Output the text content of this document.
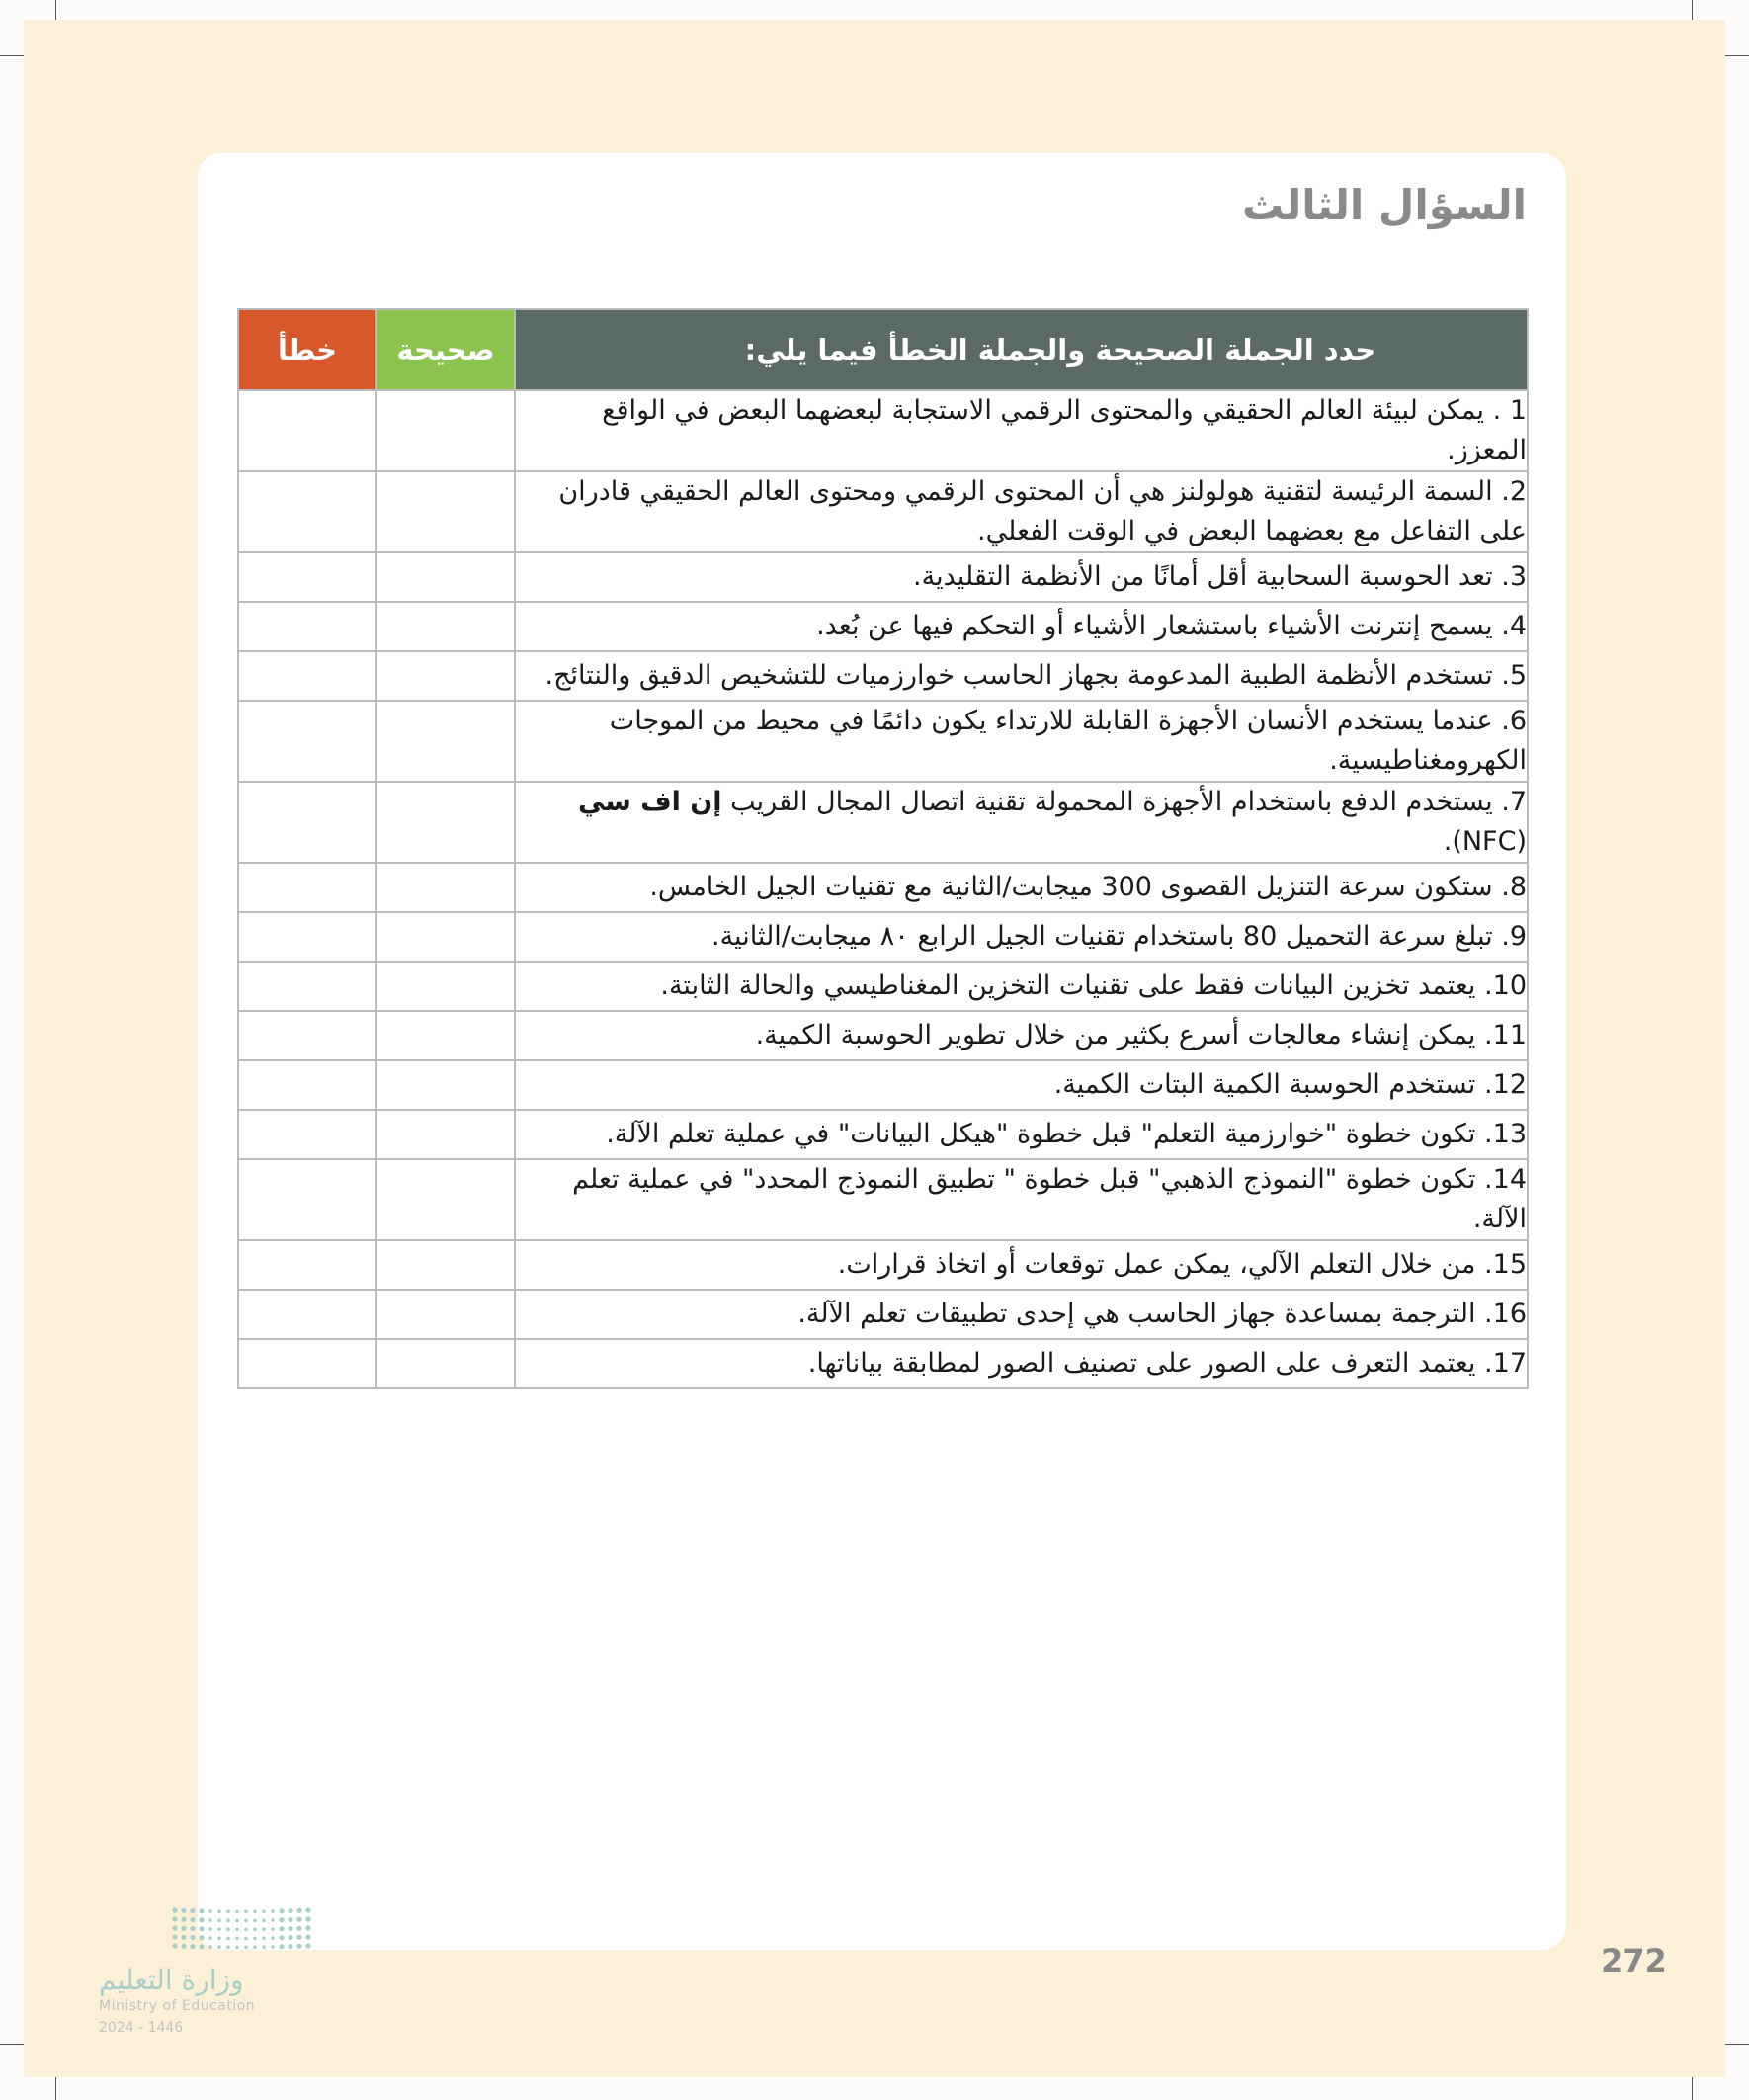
السؤال الثالث
حدد الجملة الصحيحة والجملة الخطأ فيما يلي:	صحيحة	خطأ
1 . يمكن لبيئة العالم الحقيقي والمحتوى الرقمي الاستجابة لبعضهما البعض في الواقع المعزز.		
2. السمة الرئيسة لتقنية هولولنز هي أن المحتوى الرقمي ومحتوى العالم الحقيقي قادران على التفاعل مع بعضهما البعض في الوقت الفعلي.		
3. تعد الحوسبة السحابية أقل أمانًا من الأنظمة التقليدية.		
4. يسمح إنترنت الأشياء باستشعار الأشياء أو التحكم فيها عن بُعد.		
5. تستخدم الأنظمة الطبية المدعومة بجهاز الحاسب خوارزميات للتشخيص الدقيق والنتائج.		
6. عندما يستخدم الأنسان الأجهزة القابلة للارتداء يكون دائمًا في محيط من الموجات الكهرومغناطيسية.		
7. يستخدم الدفع باستخدام الأجهزة المحمولة تقنية اتصال المجال القريب إن اف سي (NFC).		
8. ستكون سرعة التنزيل القصوى 300 ميجابت/الثانية مع تقنيات الجيل الخامس.		
9. تبلغ سرعة التحميل 80 باستخدام تقنيات الجيل الرابع ٨٠ ميجابت/الثانية.		
10. يعتمد تخزين البيانات فقط على تقنيات التخزين المغناطيسي والحالة الثابتة.		
11. يمكن إنشاء معالجات أسرع بكثير من خلال تطوير الحوسبة الكمية.		
12. تستخدم الحوسبة الكمية البتات الكمية.		
13. تكون خطوة "خوارزمية التعلم" قبل خطوة "هيكل البيانات" في عملية تعلم الآلة.		
14. تكون خطوة "النموذج الذهبي" قبل خطوة " تطبيق النموذج المحدد" في عملية تعلم الآلة.		
15. من خلال التعلم الآلي، يمكن عمل توقعات أو اتخاذ قرارات.		
16. الترجمة بمساعدة جهاز الحاسب هي إحدى تطبيقات تعلم الآلة.		
17. يعتمد التعرف على الصور على تصنيف الصور لمطابقة بياناتها.		
272
وزارة التعليم
Ministry of Education
2024 - 1446
